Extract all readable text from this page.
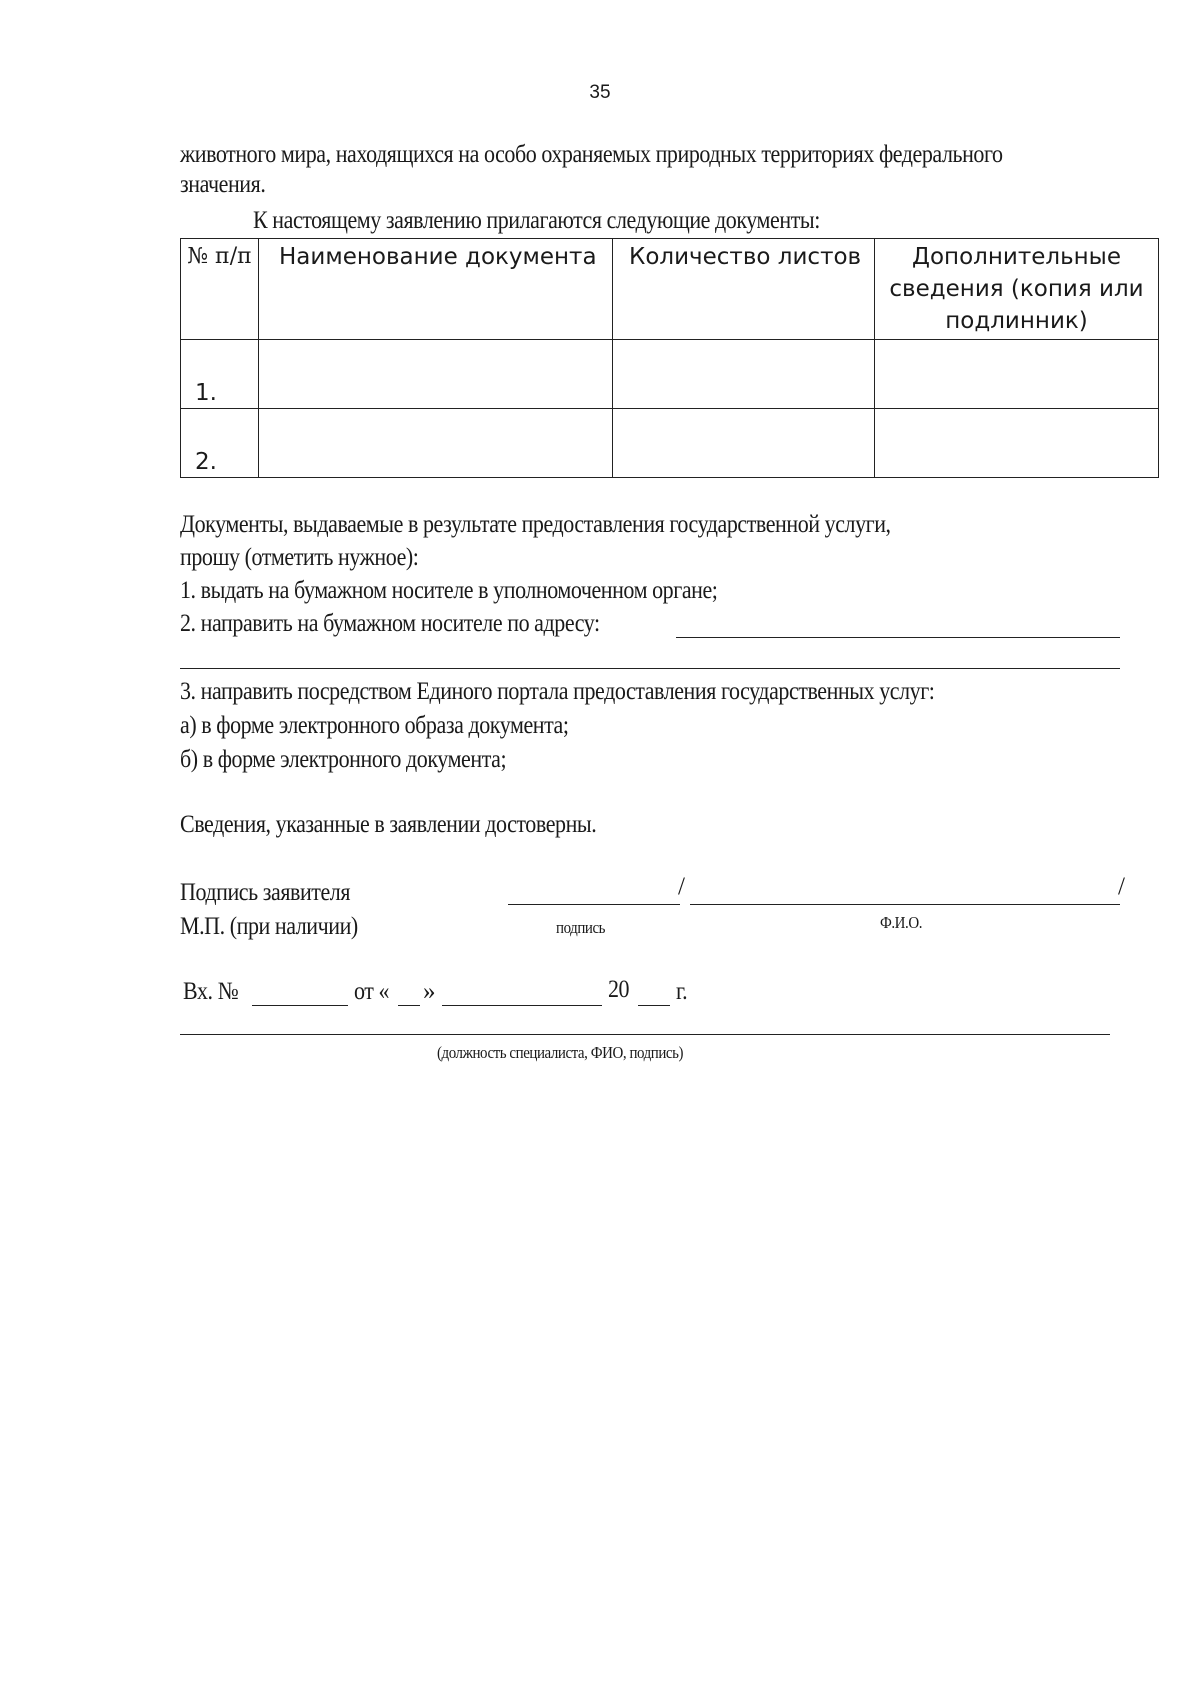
35
животного мира, находящихся на особо охраняемых природных территориях федерального
значения.
К настоящему заявлению прилагаются следующие документы:
№ п/п	Наименование документа	Количество листов	Дополнительные сведения (копия или подлинник)
1.			
2.			
Документы, выдаваемые в результате предоставления государственной услуги,
прошу (отметить нужное):
1. выдать на бумажном носителе в уполномоченном органе;
2. направить на бумажном носителе по адресу:
3. направить посредством Единого портала предоставления государственных услуг:
а) в форме электронного образа документа;
б) в форме электронного документа;
Сведения, указанные в заявлении достоверны.
Подпись заявителя
М.П. (при наличии)
/	/
подпись	Ф.И.О.
Вх. №	от « »	20 г.
(должность специалиста, ФИО, подпись)
